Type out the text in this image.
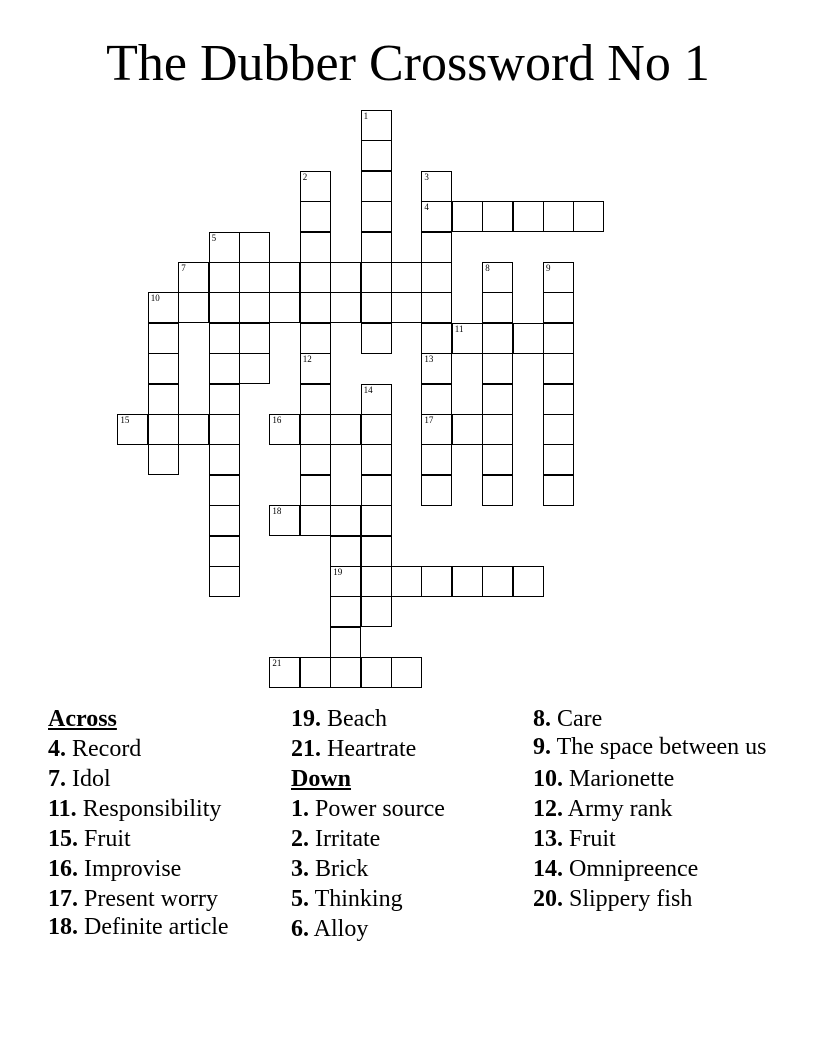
The Dubber Crossword No 1
1
2	3
4
5
7	8	9
10
11
12	13
14
15	16	17
18
19
21
Across
4. Record
7. Idol
11. Responsibility
15. Fruit
16. Improvise
17. Present worry
18. Definite article
19. Beach
21. Heartrate
Down
1. Power source
2. Irritate
3. Brick
5. Thinking
6. Alloy
8. Care
9. The space between us
10. Marionette
12. Army rank
13. Fruit
14. Omnipreence
20. Slippery fish
